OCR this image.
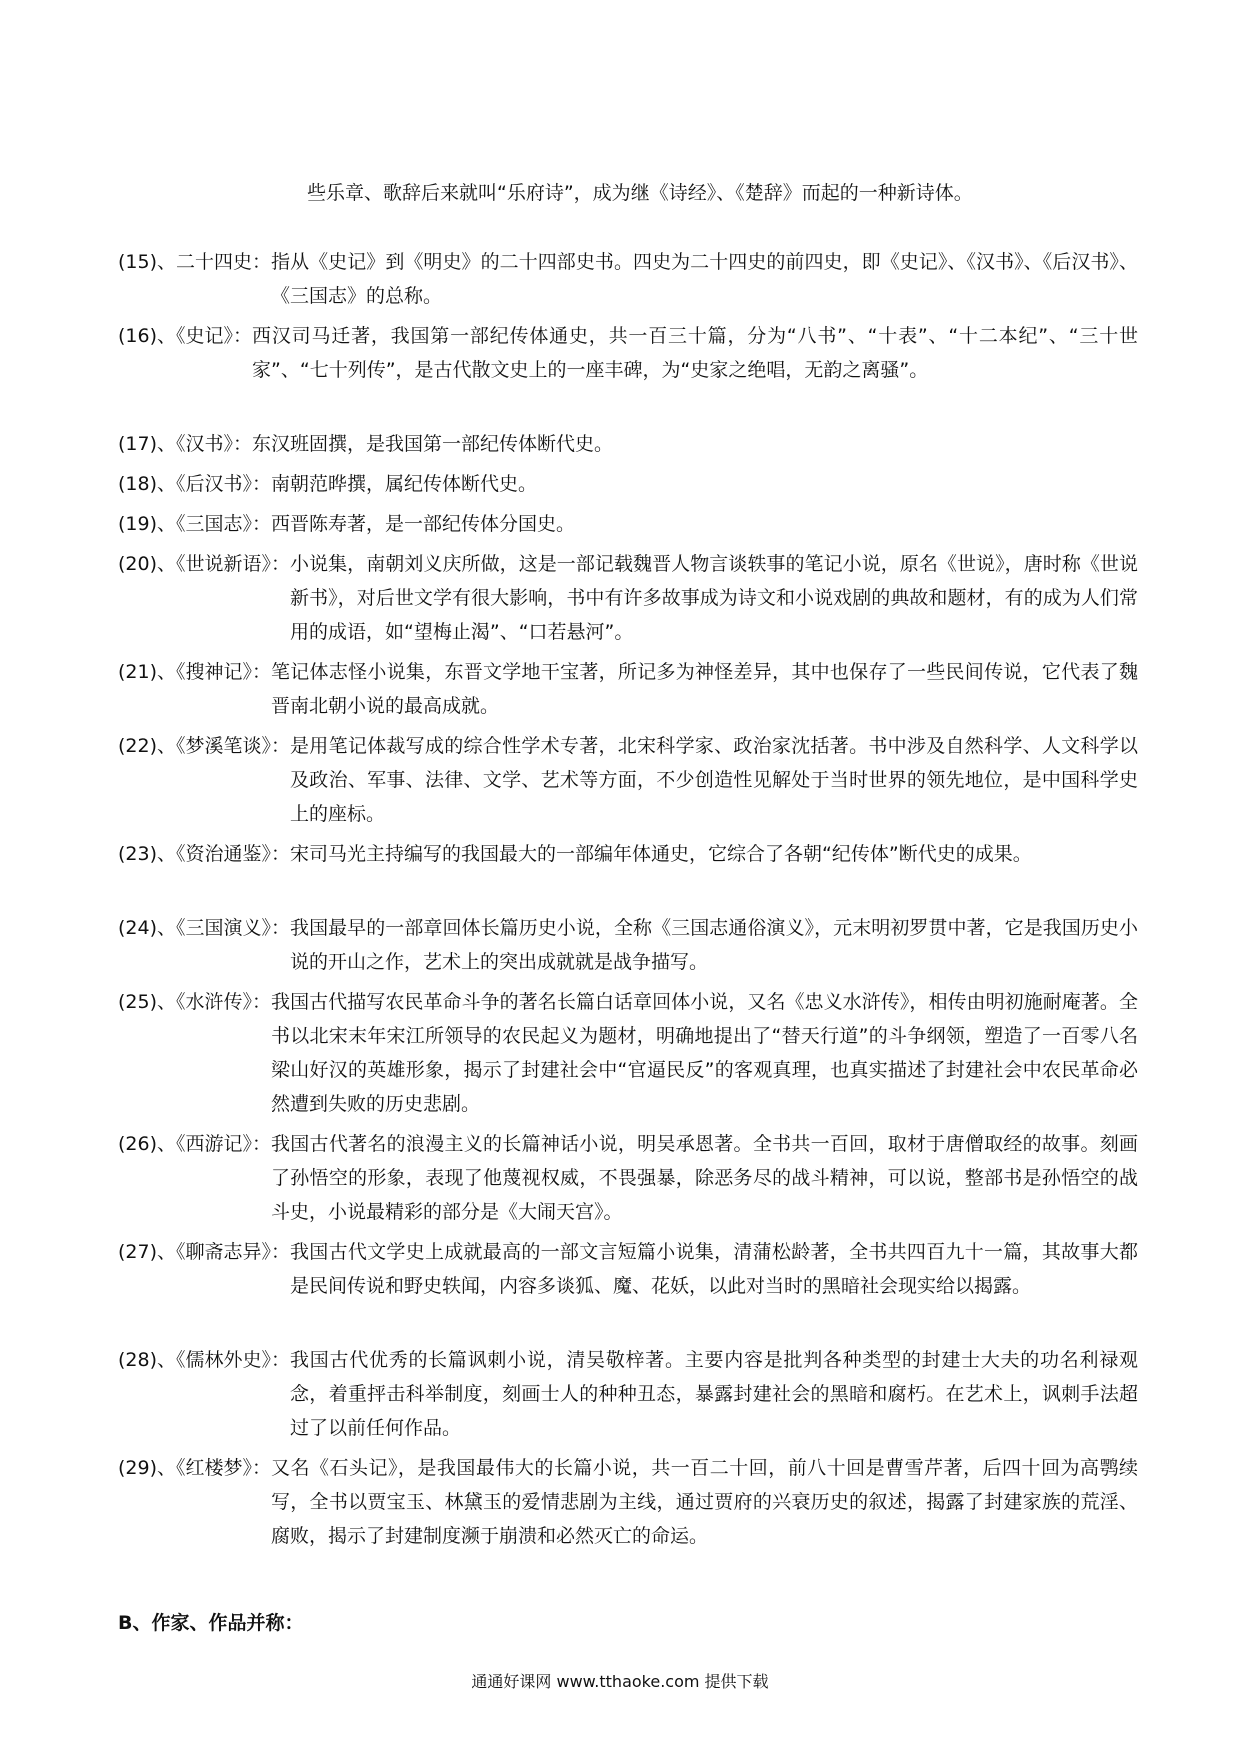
些乐章、歌辞后来就叫“乐府诗”，成为继《诗经》、《楚辞》而起的一种新诗体。

(15)、二十四史： 指从《史记》到《明史》的二十四部史书。四史为二十四史的前四史，即《史记》、《汉书》、《后汉书》、《三国志》的总称。
(16)、《史记》： 西汉司马迁著，我国第一部纪传体通史，共一百三十篇，分为“八书”、“十表”、“十二本纪”、“三十世家”、“七十列传”，是古代散文史上的一座丰碑，为“史家之绝唱，无韵之离骚”。
(17)、《汉书》： 东汉班固撰，是我国第一部纪传体断代史。
(18)、《后汉书》： 南朝范晔撰，属纪传体断代史。
(19)、《三国志》： 西晋陈寿著，是一部纪传体分国史。
(20)、《世说新语》： 小说集，南朝刘义庆所做，这是一部记载魏晋人物言谈轶事的笔记小说，原名《世说》，唐时称《世说新书》，对后世文学有很大影响，书中有许多故事成为诗文和小说戏剧的典故和题材，有的成为人们常用的成语，如“望梅止渴”、“口若悬河”。
(21)、《搜神记》： 笔记体志怪小说集，东晋文学地干宝著，所记多为神怪差异，其中也保存了一些民间传说，它代表了魏晋南北朝小说的最高成就。
(22)、《梦溪笔谈》： 是用笔记体裁写成的综合性学术专著，北宋科学家、政治家沈括著。书中涉及自然科学、人文科学以及政治、军事、法律、文学、艺术等方面，不少创造性见解处于当时世界的领先地位，是中国科学史上的座标。
(23)、《资治通鉴》： 宋司马光主持编写的我国最大的一部编年体通史，它综合了各朝“纪传体”断代史的成果。
(24)、《三国演义》： 我国最早的一部章回体长篇历史小说，全称《三国志通俗演义》，元末明初罗贯中著，它是我国历史小说的开山之作，艺术上的突出成就就是战争描写。
(25)、《水浒传》： 我国古代描写农民革命斗争的著名长篇白话章回体小说，又名《忠义水浒传》，相传由明初施耐庵著。全书以北宋末年宋江所领导的农民起义为题材，明确地提出了“替天行道”的斗争纲领，塑造了一百零八名梁山好汉的英雄形象，揭示了封建社会中“官逼民反”的客观真理，也真实描述了封建社会中农民革命必然遭到失败的历史悲剧。
(26)、《西游记》： 我国古代著名的浪漫主义的长篇神话小说，明吴承恩著。全书共一百回，取材于唐僧取经的故事。刻画了孙悟空的形象，表现了他蔑视权威，不畏强暴，除恶务尽的战斗精神，可以说，整部书是孙悟空的战斗史，小说最精彩的部分是《大闹天宫》。
(27)、《聊斋志异》： 我国古代文学史上成就最高的一部文言短篇小说集，清蒲松龄著，全书共四百九十一篇，其故事大都是民间传说和野史轶闻，内容多谈狐、魔、花妖，以此对当时的黑暗社会现实给以揭露。
(28)、《儒林外史》： 我国古代优秀的长篇讽刺小说，清吴敬梓著。主要内容是批判各种类型的封建士大夫的功名利禄观念，着重抨击科举制度，刻画士人的种种丑态，暴露封建社会的黑暗和腐朽。在艺术上，讽刺手法超过了以前任何作品。
(29)、《红楼梦》： 又名《石头记》，是我国最伟大的长篇小说，共一百二十回，前八十回是曹雪芹著，后四十回为高鹗续写，全书以贾宝玉、林黛玉的爱情悲剧为主线，通过贾府的兴衰历史的叙述，揭露了封建家族的荒淫、腐败，揭示了封建制度濒于崩溃和必然灭亡的命运。

B、作家、作品并称：

通通好课网 www.tthaoke.com 提供下载
